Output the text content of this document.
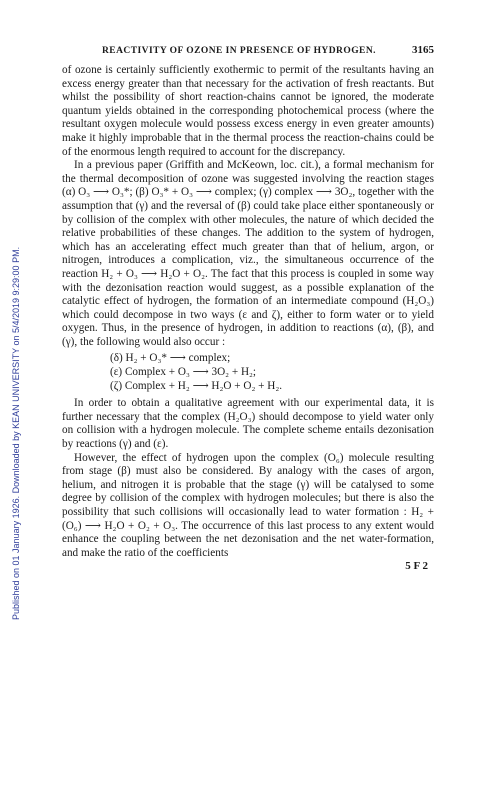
Published on 01 January 1926. Downloaded by KEAN UNIVERSITY on 5/4/2019 9:29:00 PM.
REACTIVITY OF OZONE IN PRESENCE OF HYDROGEN.	3165

of ozone is certainly sufficiently exothermic to permit of the resultants having an excess energy greater than that necessary for the activation of fresh reactants. But whilst the possibility of short reaction-chains cannot be ignored, the moderate quantum yields obtained in the corresponding photochemical process (where the resultant oxygen molecule would possess excess energy in even greater amounts) make it highly improbable that in the thermal process the reaction-chains could be of the enormous length required to account for the discrepancy.

In a previous paper (Griffith and McKeown, loc. cit.), a formal mechanism for the thermal decomposition of ozone was suggested involving the reaction stages (α) O₃ ⟶ O₃*; (β) O₃* + O₃ ⟶ complex; (γ) complex ⟶ 3O₂, together with the assumption that (γ) and the reversal of (β) could take place either spontaneously or by collision of the complex with other molecules, the nature of which decided the relative probabilities of these changes. The addition to the system of hydrogen, which has an accelerating effect much greater than that of helium, argon, or nitrogen, introduces a complication, viz., the simultaneous occurrence of the reaction H₂ + O₃ ⟶ H₂O + O₂. The fact that this process is coupled in some way with the dezonisation reaction would suggest, as a possible explanation of the catalytic effect of hydrogen, the formation of an intermediate compound (H₂O₃) which could decompose in two ways (ε and ζ), either to form water or to yield oxygen. Thus, in the presence of hydrogen, in addition to reactions (α), (β), and (γ), the following would also occur :

(δ) H₂ + O₃* ⟶ complex;
(ε) Complex + O₃ ⟶ 3O₂ + H₂;
(ζ) Complex + H₂ ⟶ H₂O + O₂ + H₂.

In order to obtain a qualitative agreement with our experimental data, it is further necessary that the complex (H₂O₃) should decompose to yield water only on collision with a hydrogen molecule. The complete scheme entails dezonisation by reactions (γ) and (ε).

However, the effect of hydrogen upon the complex (O₆) molecule resulting from stage (β) must also be considered. By analogy with the cases of argon, helium, and nitrogen it is probable that the stage (γ) will be catalysed to some degree by collision of the complex with hydrogen molecules; but there is also the possibility that such collisions will occasionally lead to water formation : H₂ + (O₆) ⟶ H₂O + O₂ + O₃. The occurrence of this last process to any extent would enhance the coupling between the net dezonisation and the net water-formation, and make the ratio of the coefficients

5 F 2
